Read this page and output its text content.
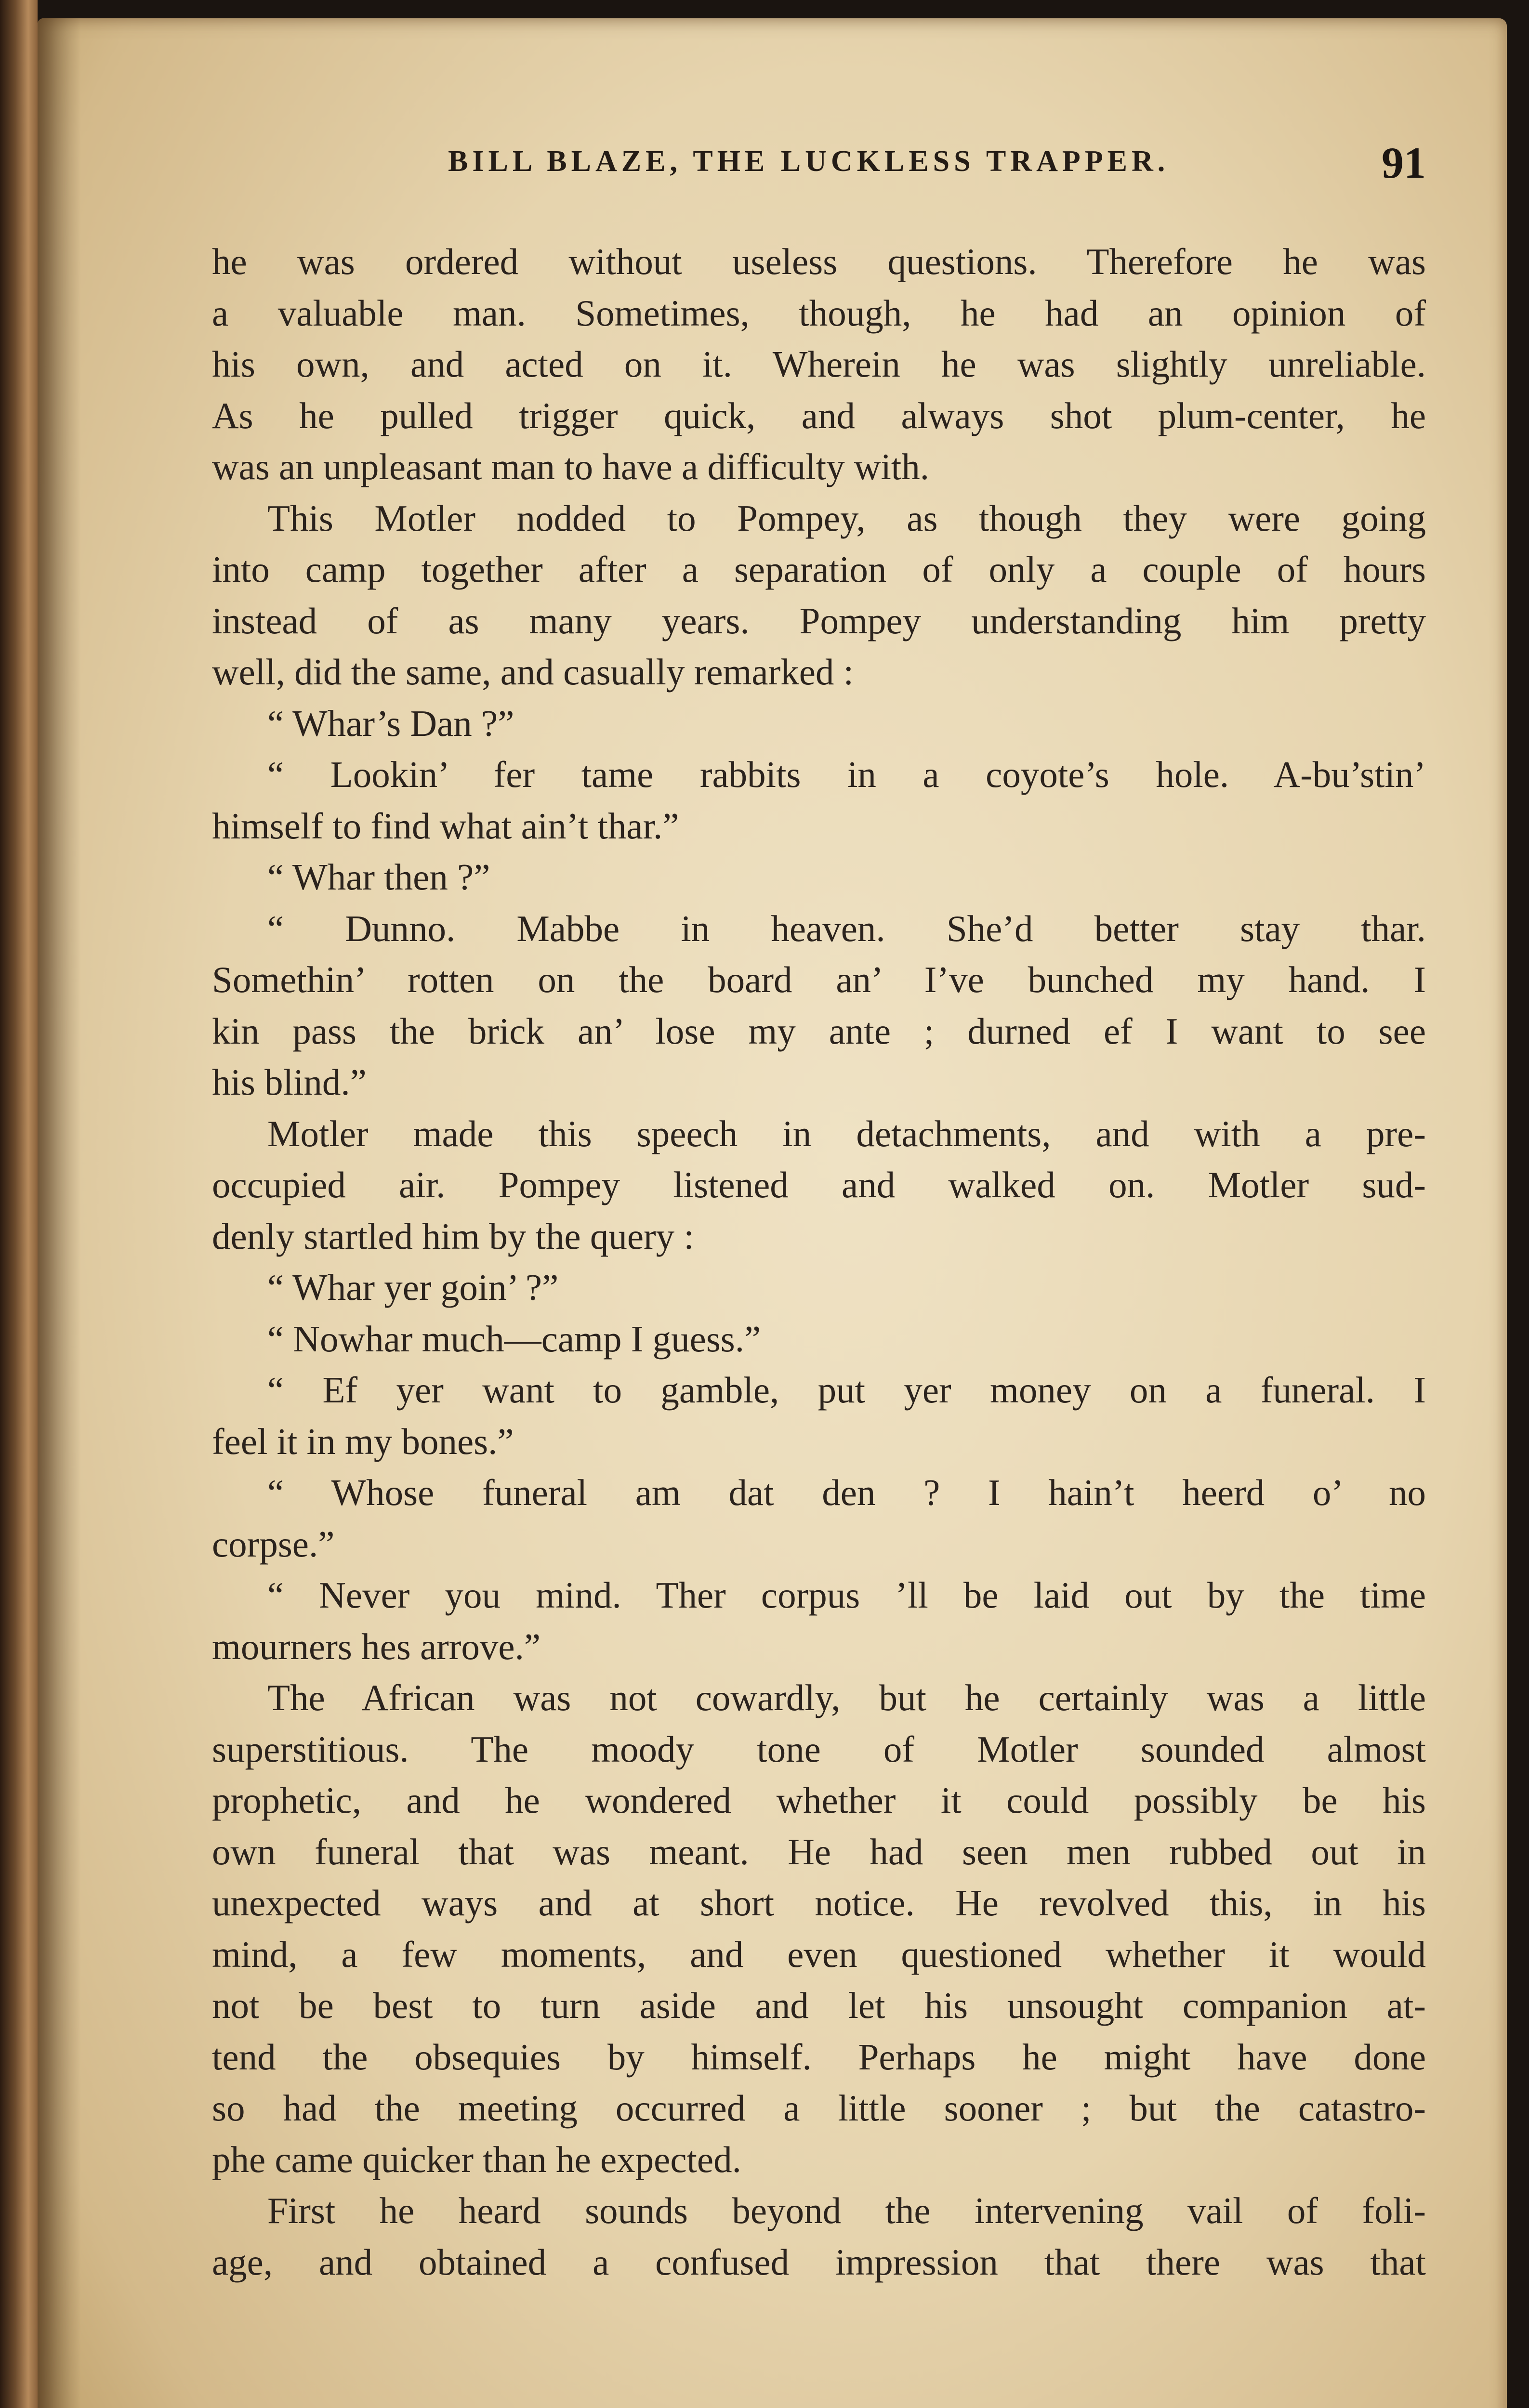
BILL BLAZE, THE LUCKLESS TRAPPER.	91
he was ordered without useless questions. Therefore he was
a valuable man. Sometimes, though, he had an opinion of
his own, and acted on it. Wherein he was slightly unreliable.
As he pulled trigger quick, and always shot plum-center, he
was an unpleasant man to have a difficulty with.
This Motler nodded to Pompey, as though they were going
into camp together after a separation of only a couple of hours
instead of as many years. Pompey understanding him pretty
well, did the same, and casually remarked :
“ Whar’s Dan ?”
“ Lookin’ fer tame rabbits in a coyote’s hole. A-bu’stin’
himself to find what ain’t thar.”
“ Whar then ?”
“ Dunno. Mabbe in heaven. She’d better stay thar.
Somethin’ rotten on the board an’ I’ve bunched my hand. I
kin pass the brick an’ lose my ante ; durned ef I want to see
his blind.”
Motler made this speech in detachments, and with a pre-
occupied air. Pompey listened and walked on. Motler sud-
denly startled him by the query :
“ Whar yer goin’ ?”
“ Nowhar much—camp I guess.”
“ Ef yer want to gamble, put yer money on a funeral. I
feel it in my bones.”
“ Whose funeral am dat den ? I hain’t heerd o’ no
corpse.”
“ Never you mind. Ther corpus ’ll be laid out by the time
mourners hes arrove.”
The African was not cowardly, but he certainly was a little
superstitious. The moody tone of Motler sounded almost
prophetic, and he wondered whether it could possibly be his
own funeral that was meant. He had seen men rubbed out in
unexpected ways and at short notice. He revolved this, in his
mind, a few moments, and even questioned whether it would
not be best to turn aside and let his unsought companion at-
tend the obsequies by himself. Perhaps he might have done
so had the meeting occurred a little sooner ; but the catastro-
phe came quicker than he expected.
First he heard sounds beyond the intervening vail of foli-
age, and obtained a confused impression that there was that
